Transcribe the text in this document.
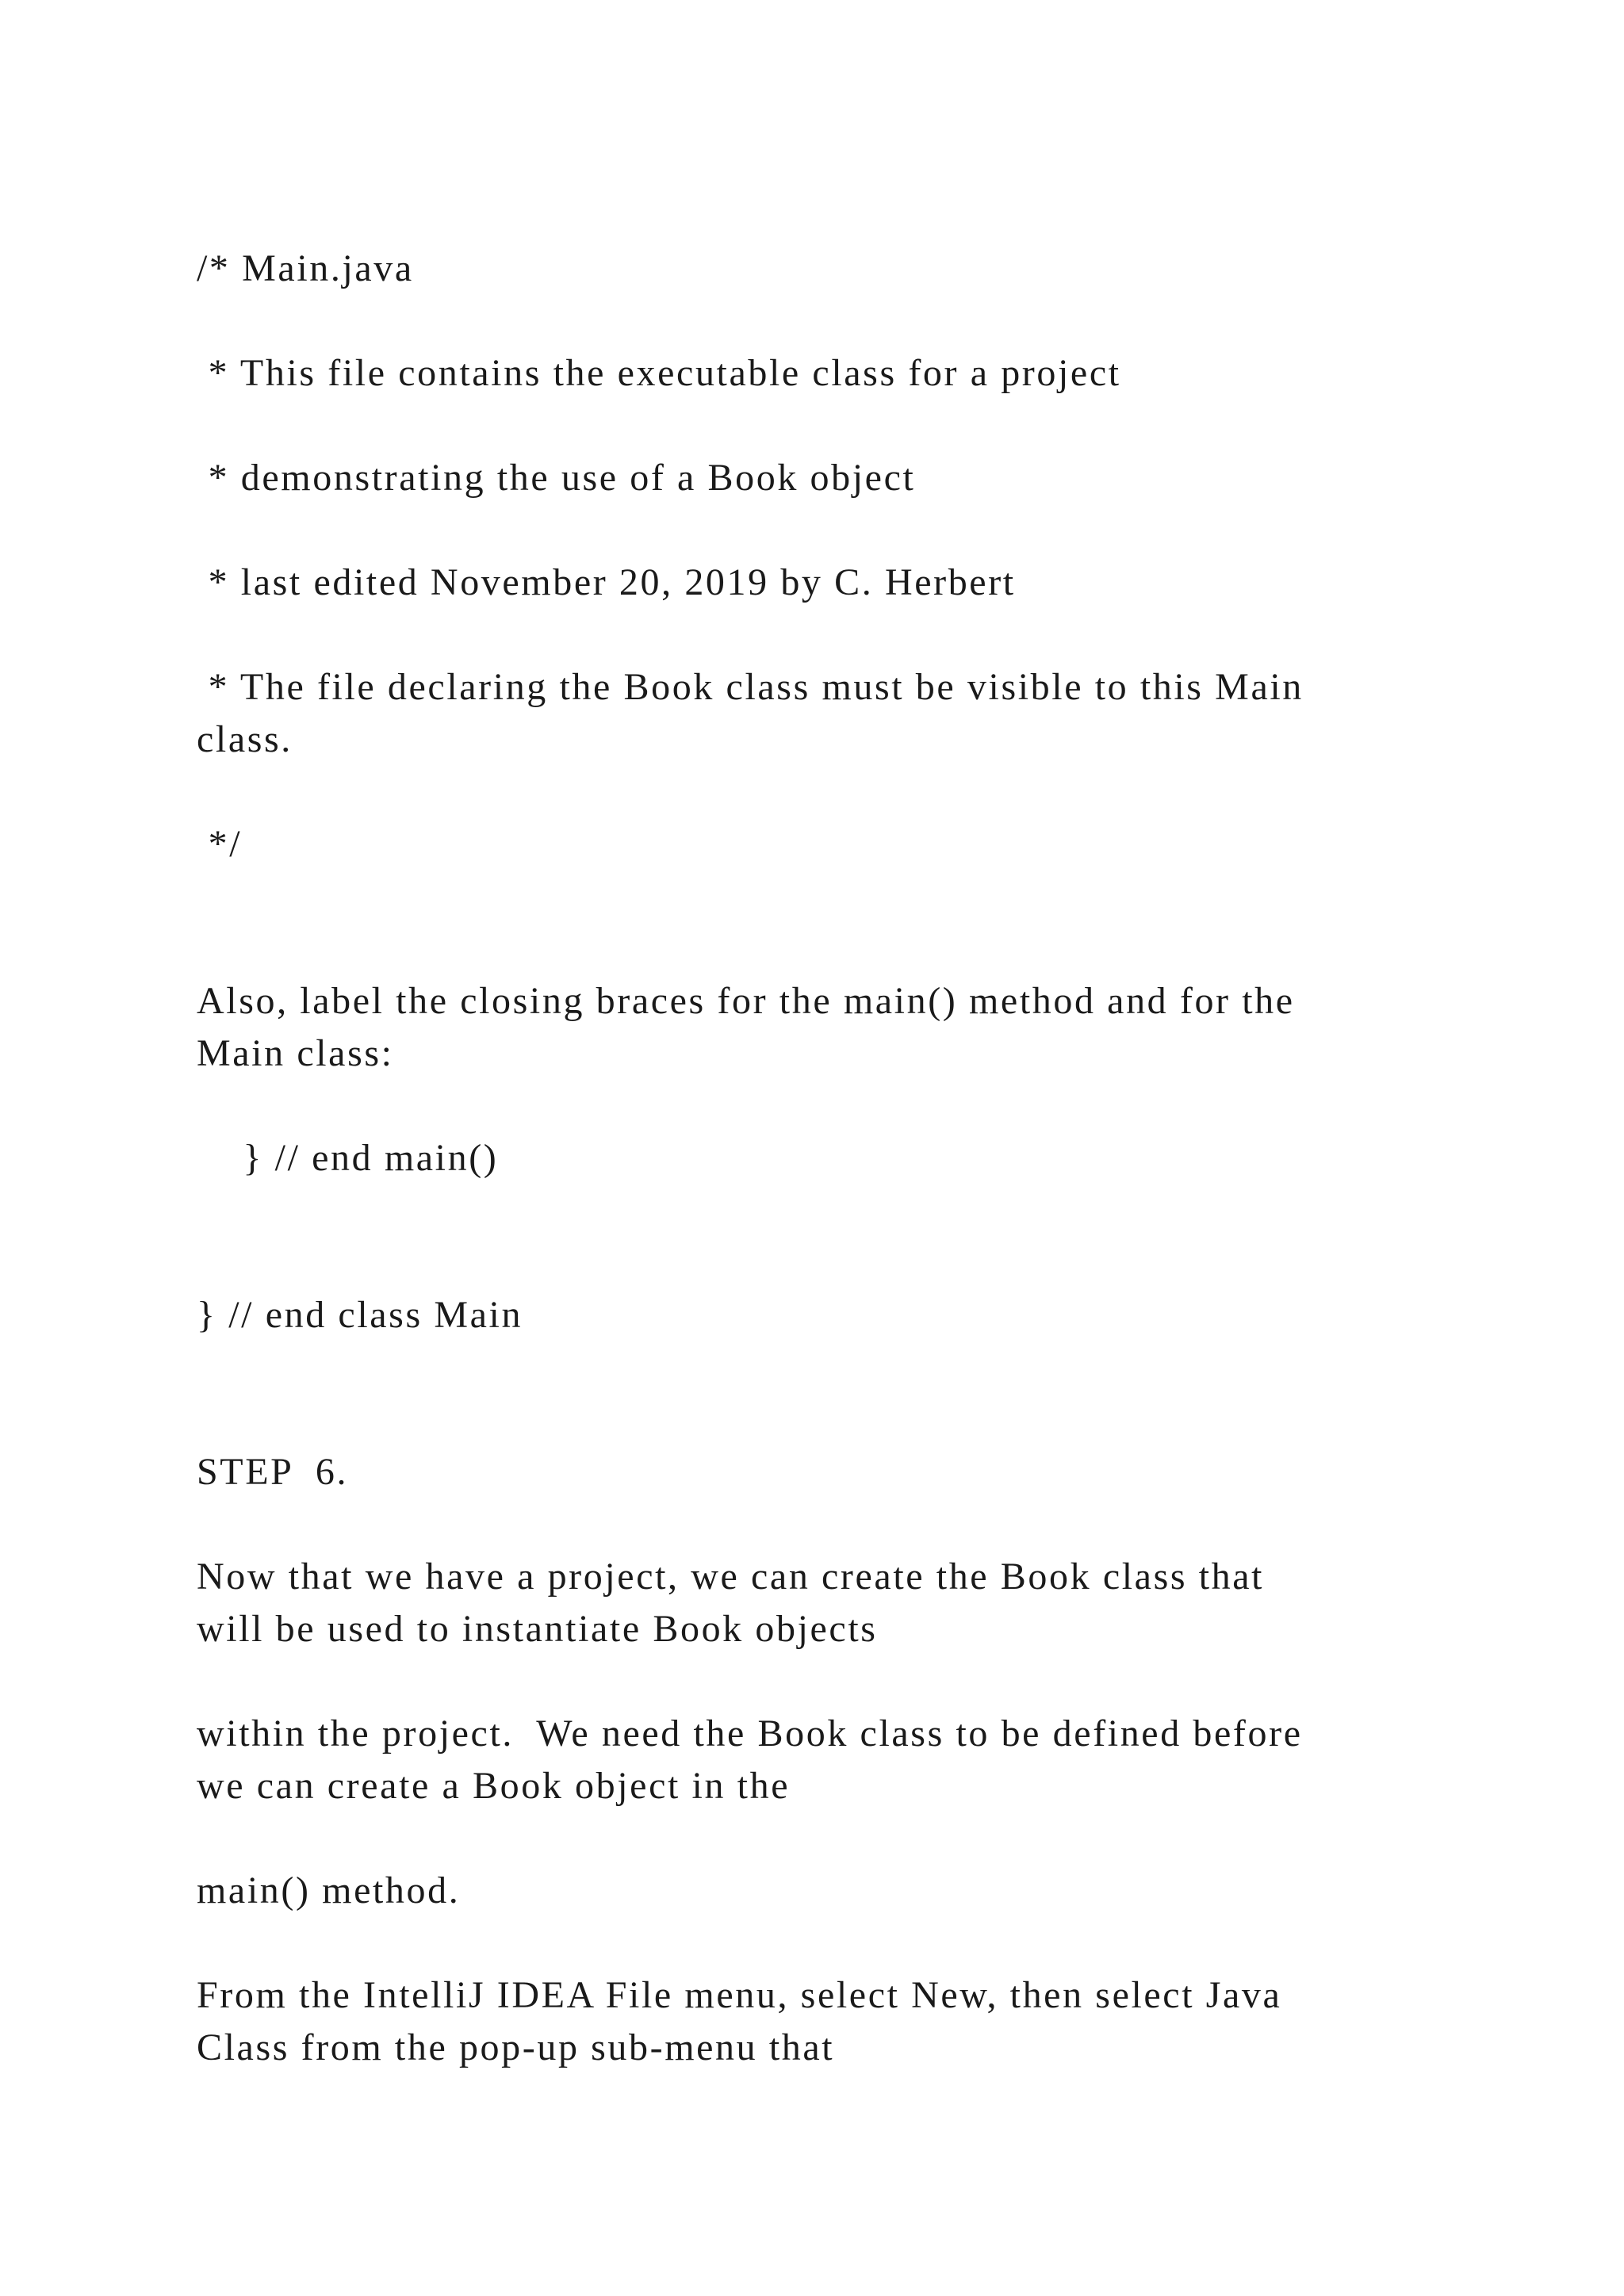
/* Main.java

* This file contains the executable class for a project

* demonstrating the use of a Book object

* last edited November 20, 2019 by C. Herbert

* The file declaring the Book class must be visible to this Main
class.

*/

Also, label the closing braces for the main() method and for the
Main class:

} // end main()

} // end class Main

STEP  6.

Now that we have a project, we can create the Book class that
will be used to instantiate Book objects

within the project.  We need the Book class to be defined before
we can create a Book object in the

main() method.

From the IntelliJ IDEA File menu, select New, then select Java
Class from the pop-up sub-menu that
